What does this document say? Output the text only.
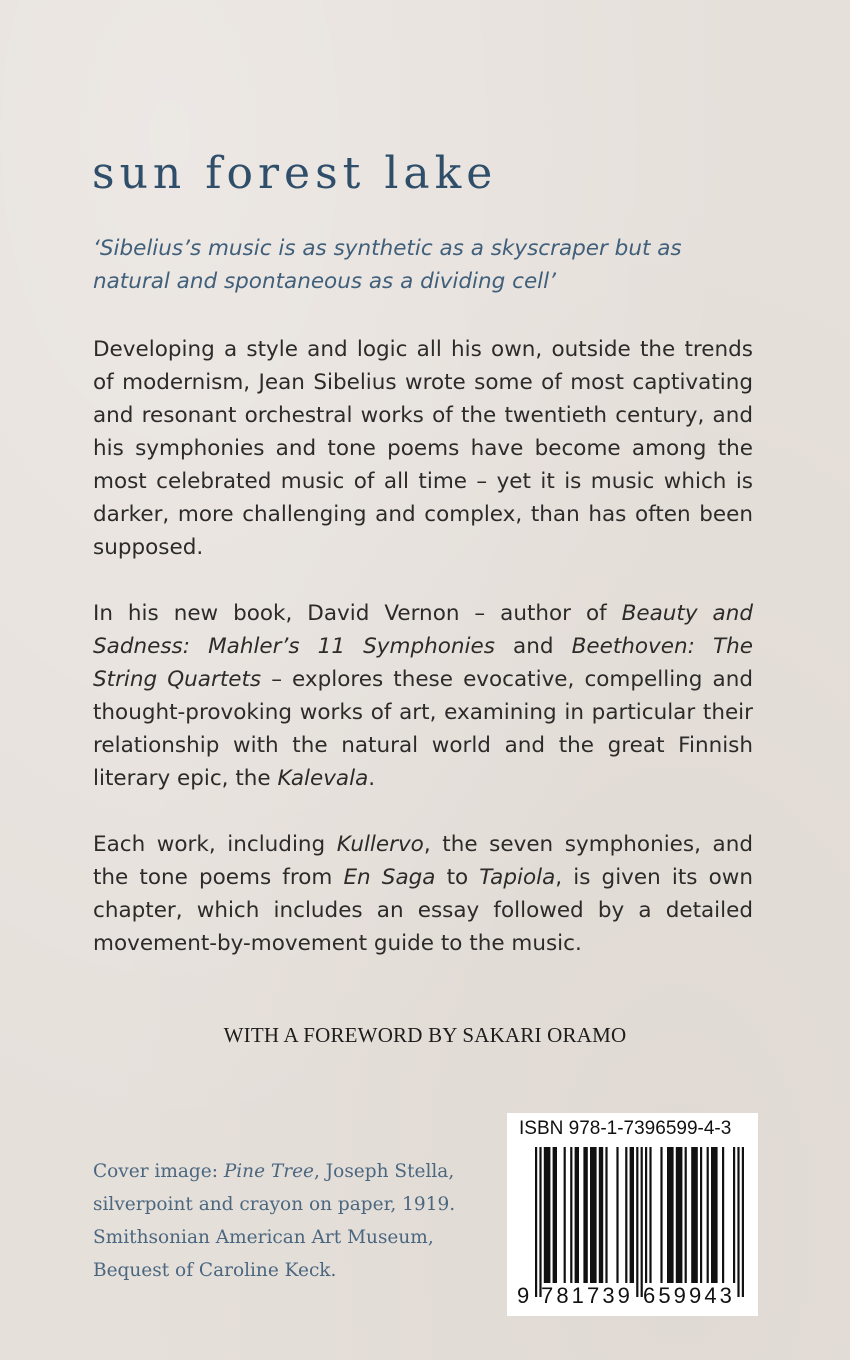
sun forest lake

‘Sibelius’s music is as synthetic as a skyscraper but as natural and spontaneous as a dividing cell’

Developing a style and logic all his own, outside the trends of modernism, Jean Sibelius wrote some of most captivating and resonant orchestral works of the twentieth century, and his symphonies and tone poems have become among the most celebrated music of all time – yet it is music which is darker, more challenging and complex, than has often been supposed.

In his new book, David Vernon – author of Beauty and Sadness: Mahler’s 11 Symphonies and Beethoven: The String Quartets – explores these evocative, compelling and thought-provoking works of art, examining in particular their relationship with the natural world and the great Finnish literary epic, the Kalevala.

Each work, including Kullervo, the seven symphonies, and the tone poems from En Saga to Tapiola, is given its own chapter, which includes an essay followed by a detailed movement-by-movement guide to the music.

WITH A FOREWORD BY SAKARI ORAMO

Cover image: Pine Tree, Joseph Stella,
silverpoint and crayon on paper, 1919.
Smithsonian American Art Museum,
Bequest of Caroline Keck.

ISBN 978-1-7396599-4-3

9 781739 659943
